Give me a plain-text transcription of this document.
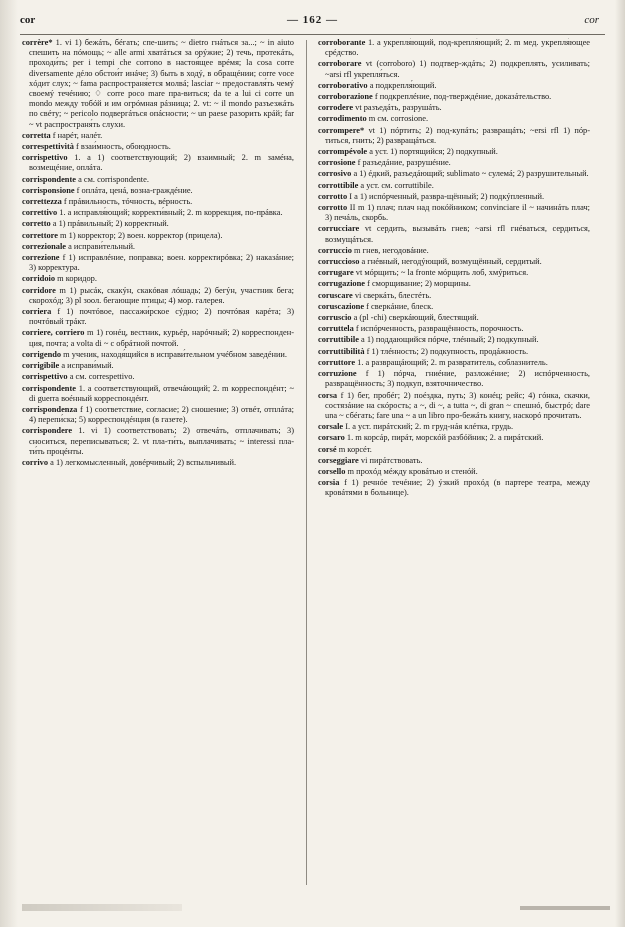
cor	— 162 —	cor

corrère* 1. vi 1) бежáть, бéгать; спе-шить; ~ dietro гнáться за...; ~ in aiuto спешить на пóмощь; ~ alle armi хватáться за орýжие; 2) течь, протекáть, проходи́ть; per i tempi che corrono в настоя́щее врéмя; la cosa corre diversamente дéло обстои́т инáче; 3) быть в ходý, в обращéнии; corre voce хóдит слух; ~ fama распространя́ется молвá; lasciar ~ предоставля́ть чемý своемý течéнию; ♢ corre poco mare пра-виться; da te a lui ci corre un mondo между тобóй и им огрóмная рáзница; 2. vt: ~ il mondo разъезжáть по свéту; ~ pericolo подвергáться опáсности; ~ un paese разорить крáй; far ~ vt распространя́ть слухи.

corretta f нарéт, налéт.

correspettività f взаи́мность, обоюдность.

corrispettivo 1. a 1) соответствующий; 2) взаимный; 2. m замéна, возмещéние, оплáта.

corrispondente a см. corrispondente.

corrisponsione f оплáта, ценá, возна-граждéние.

correttezza f прáвильность, тóчность, вéрность.

correttivo 1. a исправля́ющий; корректи́вный; 2. m коррекция, по-прáвка.

corretto a 1) прáвильный; 2) корректный.

correttore m 1) корректор; 2) воен. корректор (прицела).

correzionale a исправи́тельный.

correzione f 1) исправлéние, поправка; воен. корректирóвка; 2) наказáние; 3) корректура.

corridoio m коридор.

corridore m 1) рысáк, скакýн, скакóвая лóшадь; 2) бегýн, участник бега; скорохóд; 3) pl зоол. бегающие птицы; 4) мор. галерея.

corriera f 1) почтóвое, пассажи́рское сýдно; 2) почтóвая карéта; 3) почтóвый трáкт.

corriere, corriero m 1) гонéц, вестник, курьéр, нарóчный; 2) корреспонден-ция, почта; a volta di ~ с обрáтной почтой.

corrigendo m ученик, находя́щийся в исправи́тельном учéбном заведéнии.

corrigibile a исправи́мый.

corrispettivo a см. correspettivo.

corrispondente 1. a соответствующий, отвечáющий; 2. m корреспондéнт; ~ di guerra воéнный корреспондéнт.

corrispondenza f 1) соответствие, согласие; 2) сношение; 3) отвéт, отплáта; 4) перепи́ска; 5) корреспондéнция (в газете).

corrispondere 1. vi 1) соответствовать; 2) отвечáть, отплачивать; 3) сноситься, переписываться; 2. vt пла-ти́ть, выплачивать; ~ interessi пла-ти́ть процéнты.

corrivo a 1) легкомысленный, довéрчивый; 2) вспыльчивый.

corroborante 1. a укрепля́ющий, под-крепля́ющий; 2. m мед. укрепля́ющее срéдство.

corroborare vt (corroboro) 1) подтвер-ждáть; 2) подкреплять, усиливать; ~arsi rfl укрепля́ться.

corroborativo a подкрепля́ющий.

corroborazione f подкреплéние, под-тверждéние, доказáтельство.

corrodere vt разъедáть, разрушáть.

corrodimento m см. corrosione.

corrompere* vt 1) пóртить; 2) под-купáть; развращáть; ~ersi rfl 1) пóр-титься, гнить; 2) развращáться.

corrompévole a уст. 1) портящийся; 2) подкупный.

corrosione f разъедáние, разрушéние.

corrosivo a 1) éдкий, разъедáющий; sublimato ~ сулемá; 2) разрушительный.

corrottibile a уст. см. corruttibile.

corrotto I a 1) испóрченный, развра-щённый; 2) подкýпленный.

corrotto II m 1) плач; плач над покóйником; convinciare il ~ начинáть плач; 3) печáль, скорбь.

corrucciare vt сердить, вызывáть гнев; ~arsi rfl гнéваться, сердиться, возмущáться.

corruccio m гнев, негодовáние.

corrucciоso a гнéвный, негодýющий, возмущённый, сердитый.

corrugare vt мóрщить; ~ la fronte мóрщить лоб, хмýриться.

corrugazione f сморщивание; 2) морщины.

coruscare vi сверкáть, блестéть.

coruscazione f сверкáние, блеск.

corruscio a (pl -chi) сверкáющий, блестящий.

corruttela f испóрченность, развращённость, порочность.

corruttibile a 1) поддающийся пóрче, тлéнный; 2) подкупный.

corruttibilità f 1) тлéнность; 2) подкупность, продáжность.

corruttore 1. a развращáющий; 2. m развратитель, соблазнитель.

corruzione f 1) пóрча, гниéние, разложéние; 2) испóрченность, развращённость; 3) подкуп, взяточничество.

corsa f 1) бег, пробéг; 2) поéздка, путь; 3) конéц; рейс; 4) гóнка, скачки, состязáние на скóрость; a ~, di ~, a tutta ~, di gran ~ спешнó, быстрó; dare una ~ сбéгать; fare una ~ a un libro про-бежáть книгу, наскорó прочитать.

corsale I. a уст. пирáтский; 2. m груд-нáя клéтка, грудь.

corsaro 1. m корсáр, пирáт, морскóй разбóйник; 2. a пирáтский.

corsé m корсéт.

corseggiare vi пирáтствовать.

corsello m прохóд мéжду кровáтью и стенóй.

corsia f 1) речнóе течéние; 2) ýзкий прохóд (в партере театра, между кровáтями в больнице).
